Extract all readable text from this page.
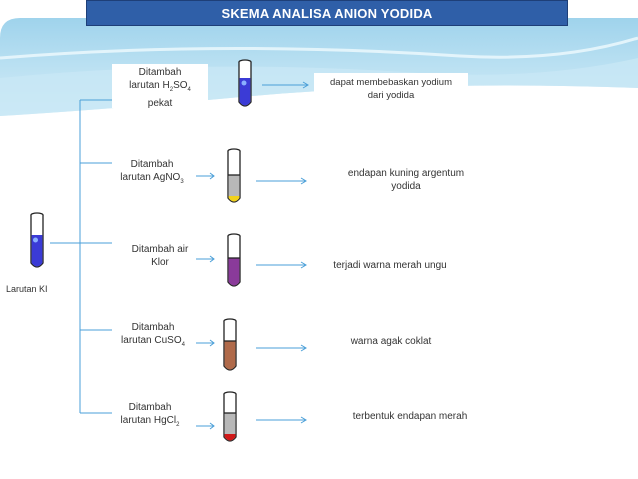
SKEMA ANALISA ANION YODIDA
Larutan KI
Ditambah
larutan $H_2SO_4$
pekat
dapat membebaskan yodium
dari yodida
Ditambah
larutan AgNO$_3$
endapan kuning argentum
yodida
Ditambah air
Klor	terjadi warna merah ungu
Ditambah
larutan CuSO$_4$	warna agak coklat
Ditambah
larutan HgCl$_2$
terbentuk endapan merah
